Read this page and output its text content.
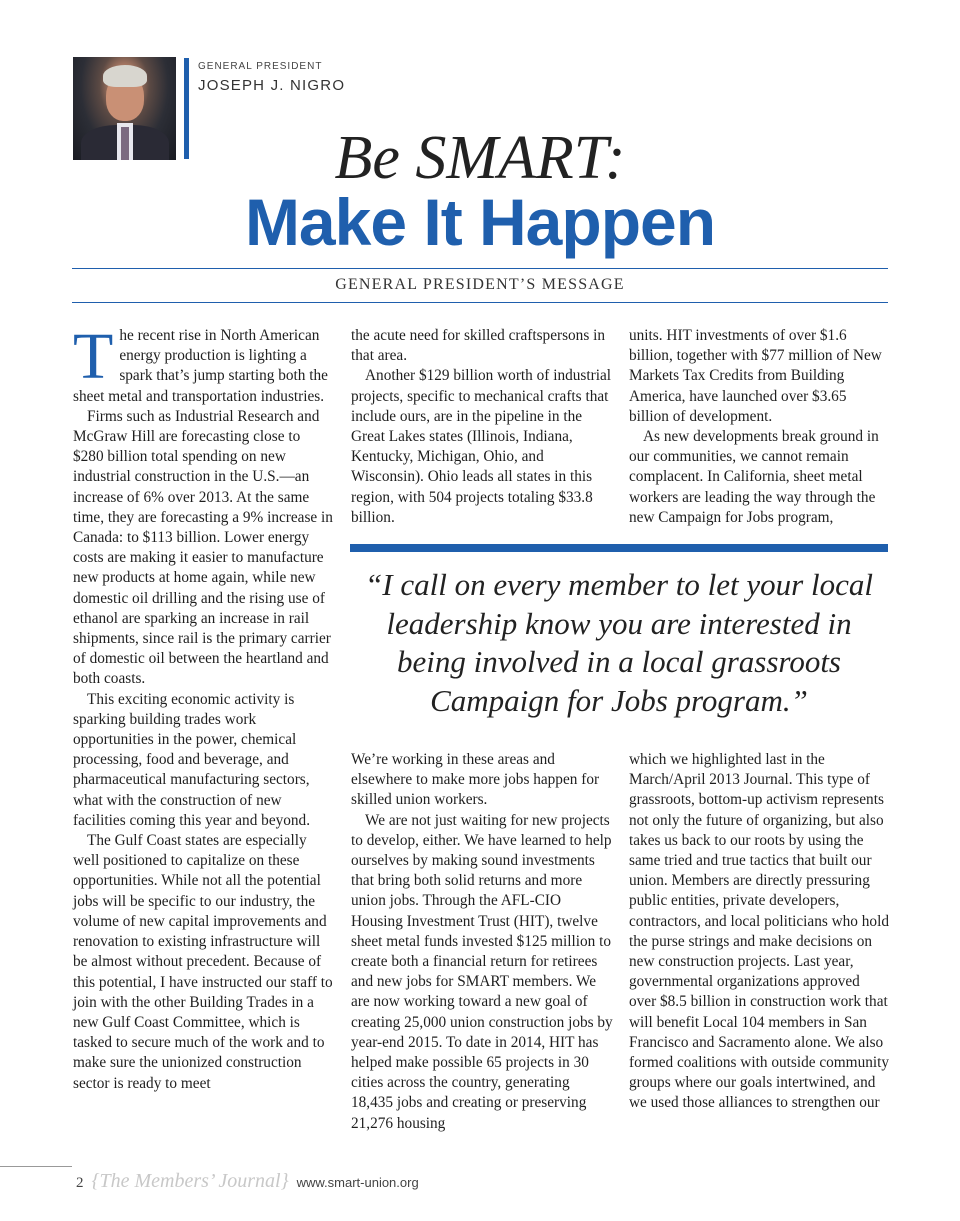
GENERAL PRESIDENT
JOSEPH J. NIGRO
Be SMART:
Make It Happen
GENERAL PRESIDENT’S MESSAGE

The recent rise in North American energy production is lighting a spark that’s jump starting both the sheet metal and transportation industries.

Firms such as Industrial Research and McGraw Hill are forecasting close to $280 billion total spending on new industrial construction in the U.S.—an increase of 6% over 2013. At the same time, they are forecasting a 9% increase in Canada: to $113 billion. Lower energy costs are making it easier to manufacture new products at home again, while new domestic oil drilling and the rising use of ethanol are sparking an increase in rail shipments, since rail is the primary carrier of domestic oil between the heartland and both coasts.

This exciting economic activity is sparking building trades work opportunities in the power, chemical processing, food and beverage, and pharmaceutical manufacturing sectors, what with the construction of new facilities coming this year and beyond.

The Gulf Coast states are especially well positioned to capitalize on these opportunities. While not all the potential jobs will be specific to our industry, the volume of new capital improvements and renovation to existing infrastructure will be almost without precedent. Because of this potential, I have instructed our staff to join with the other Building Trades in a new Gulf Coast Committee, which is tasked to secure much of the work and to make sure the unionized construction sector is ready to meet

the acute need for skilled craftspersons in that area.

Another $129 billion worth of industrial projects, specific to mechanical crafts that include ours, are in the pipeline in the Great Lakes states (Illinois, Indiana, Kentucky, Michigan, Ohio, and Wisconsin). Ohio leads all states in this region, with 504 projects totaling $33.8 billion.

units. HIT investments of over $1.6 billion, together with $77 million of New Markets Tax Credits from Building America, have launched over $3.65 billion of development.

As new developments break ground in our communities, we cannot remain complacent. In California, sheet metal workers are leading the way through the new Campaign for Jobs program,

“I call on every member to let your local leadership know you are interested in being involved in a local grassroots Campaign for Jobs program.”

We’re working in these areas and elsewhere to make more jobs happen for skilled union workers.

We are not just waiting for new projects to develop, either. We have learned to help ourselves by making sound investments that bring both solid returns and more union jobs. Through the AFL-CIO Housing Investment Trust (HIT), twelve sheet metal funds invested $125 million to create both a financial return for retirees and new jobs for SMART members. We are now working toward a new goal of creating 25,000 union construction jobs by year-end 2015. To date in 2014, HIT has helped make possible 65 projects in 30 cities across the country, generating 18,435 jobs and creating or preserving 21,276 housing

which we highlighted last in the March/April 2013 Journal. This type of grassroots, bottom-up activism represents not only the future of organizing, but also takes us back to our roots by using the same tried and true tactics that built our union. Members are directly pressuring public entities, private developers, contractors, and local politicians who hold the purse strings and make decisions on new construction projects. Last year, governmental organizations approved over $8.5 billion in construction work that will benefit Local 104 members in San Francisco and Sacramento alone. We also formed coalitions with outside community groups where our goals intertwined, and we used those alliances to strengthen our

2 {The Members’ Journal} www.smart-union.org
